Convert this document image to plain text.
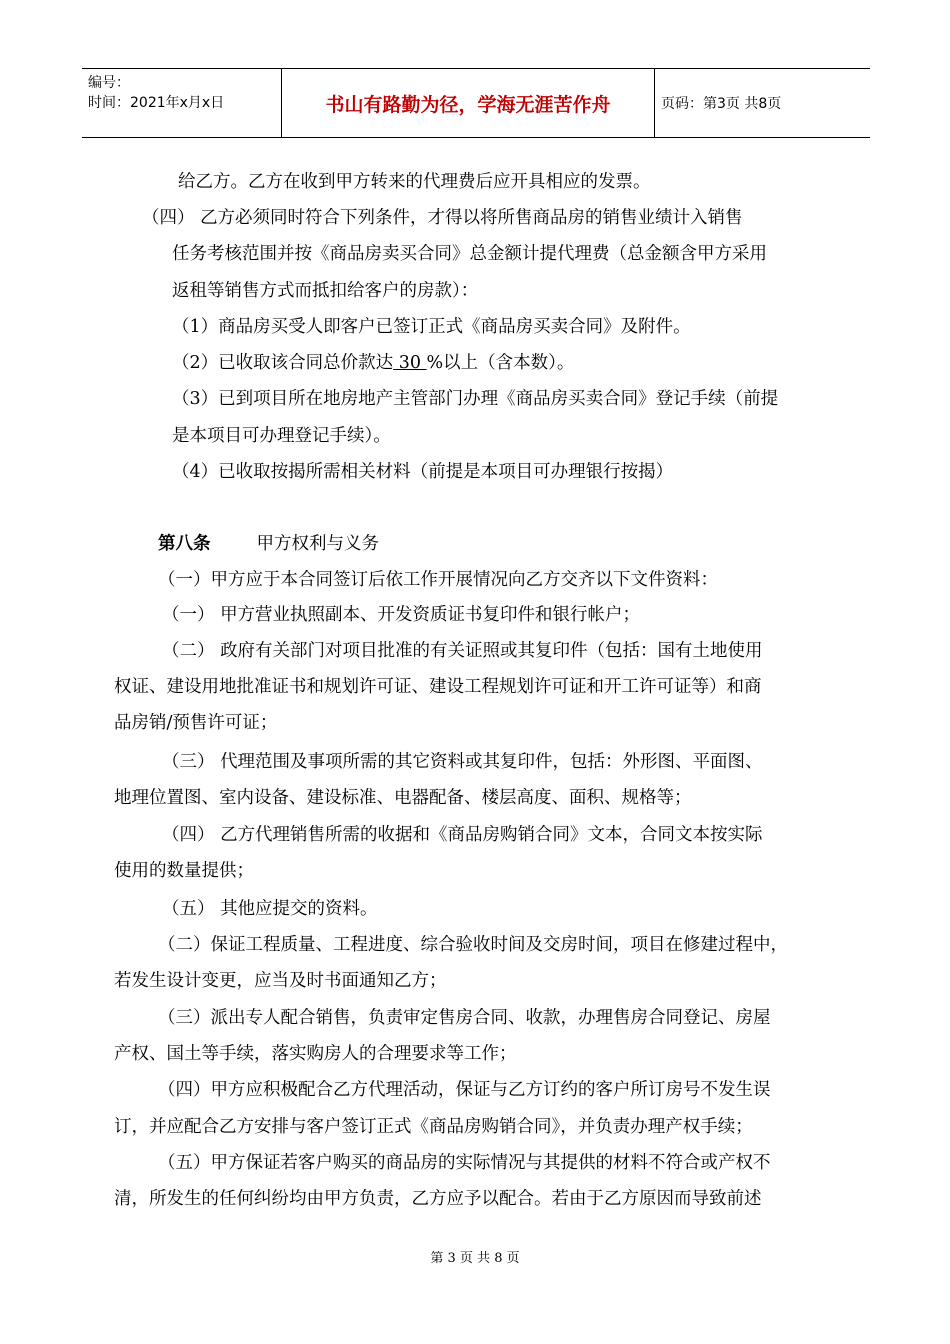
编号：
时间：2021年x月x日	书山有路勤为径，学海无涯苦作舟	页码：第3页 共8页
给乙方。乙方在收到甲方转来的代理费后应开具相应的发票。
（四） 乙方必须同时符合下列条件，才得以将所售商品房的销售业绩计入销售
任务考核范围并按《商品房卖买合同》总金额计提代理费（总金额含甲方采用
返租等销售方式而抵扣给客户的房款）：
（1）商品房买受人即客户已签订正式《商品房买卖合同》及附件。
（2）已收取该合同总价款达 30 %以上（含本数）。
（3）已到项目所在地房地产主管部门办理《商品房买卖合同》登记手续（前提
是本项目可办理登记手续）。
（4）已收取按揭所需相关材料（前提是本项目可办理银行按揭）
第八条	甲方权利与义务
（一）甲方应于本合同签订后依工作开展情况向乙方交齐以下文件资料：
（一） 甲方营业执照副本、开发资质证书复印件和银行帐户；
（二） 政府有关部门对项目批准的有关证照或其复印件（包括：国有土地使用
权证、建设用地批准证书和规划许可证、建设工程规划许可证和开工许可证等）和商
品房销/预售许可证；
（三） 代理范围及事项所需的其它资料或其复印件，包括：外形图、平面图、
地理位置图、室内设备、建设标准、电器配备、楼层高度、面积、规格等；
（四） 乙方代理销售所需的收据和《商品房购销合同》文本，合同文本按实际
使用的数量提供；
（五） 其他应提交的资料。
（二）保证工程质量、工程进度、综合验收时间及交房时间，项目在修建过程中，
若发生设计变更，应当及时书面通知乙方；
（三）派出专人配合销售，负责审定售房合同、收款，办理售房合同登记、房屋
产权、国土等手续，落实购房人的合理要求等工作；
（四）甲方应积极配合乙方代理活动，保证与乙方订约的客户所订房号不发生误
订，并应配合乙方安排与客户签订正式《商品房购销合同》，并负责办理产权手续；
（五）甲方保证若客户购买的商品房的实际情况与其提供的材料不符合或产权不
清，所发生的任何纠纷均由甲方负责，乙方应予以配合。若由于乙方原因而导致前述
第 3 页 共 8 页
